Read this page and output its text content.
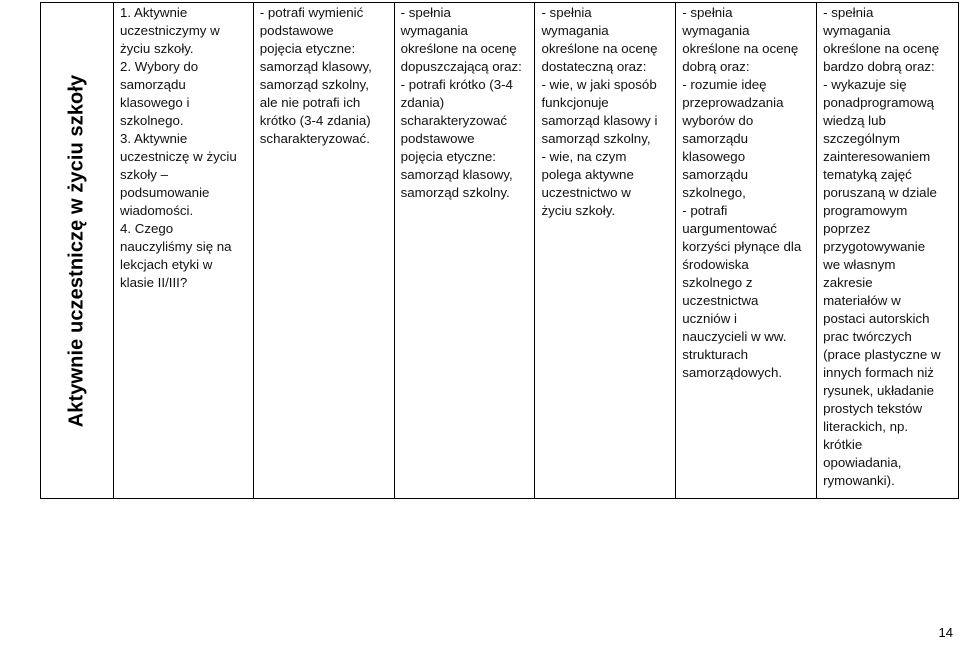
Aktywnie uczestniczę w życiu szkoły

1. Aktywnie
uczestniczymy w
życiu szkoły.
2. Wybory do
samorządu
klasowego i
szkolnego.
3. Aktywnie
uczestniczę w życiu
szkoły –
podsumowanie
wiadomości.
4. Czego
nauczyliśmy się na
lekcjach etyki w
klasie II/III?

- potrafi wymienić
podstawowe
pojęcia etyczne:
samorząd klasowy,
samorząd szkolny,
ale nie potrafi ich
krótko (3-4 zdania)
scharakteryzować.

- spełnia
wymagania
określone na ocenę
dopuszczającą oraz:
- potrafi krótko (3-4
zdania)
scharakteryzować
podstawowe
pojęcia etyczne:
samorząd klasowy,
samorząd szkolny.

- spełnia
wymagania
określone na ocenę
dostateczną oraz:
- wie, w jaki sposób
funkcjonuje
samorząd klasowy i
samorząd szkolny,
- wie, na czym
polega aktywne
uczestnictwo w
życiu szkoły.

- spełnia
wymagania
określone na ocenę
dobrą oraz:
- rozumie ideę
przeprowadzania
wyborów do
samorządu
klasowego
samorządu
szkolnego,
- potrafi
uargumentować
korzyści płynące dla
środowiska
szkolnego z
uczestnictwa
uczniów i
nauczycieli w ww.
strukturach
samorządowych.

- spełnia
wymagania
określone na ocenę
bardzo dobrą oraz:
- wykazuje się
ponadprogramową
wiedzą lub
szczególnym
zainteresowaniem
tematyką zajęć
poruszaną w dziale
programowym
poprzez
przygotowywanie
we własnym
zakresie
materiałów w
postaci autorskich
prac twórczych
(prace plastyczne w
innych formach niż
rysunek, układanie
prostych tekstów
literackich, np.
krótkie
opowiadania,
rymowanki).
14
